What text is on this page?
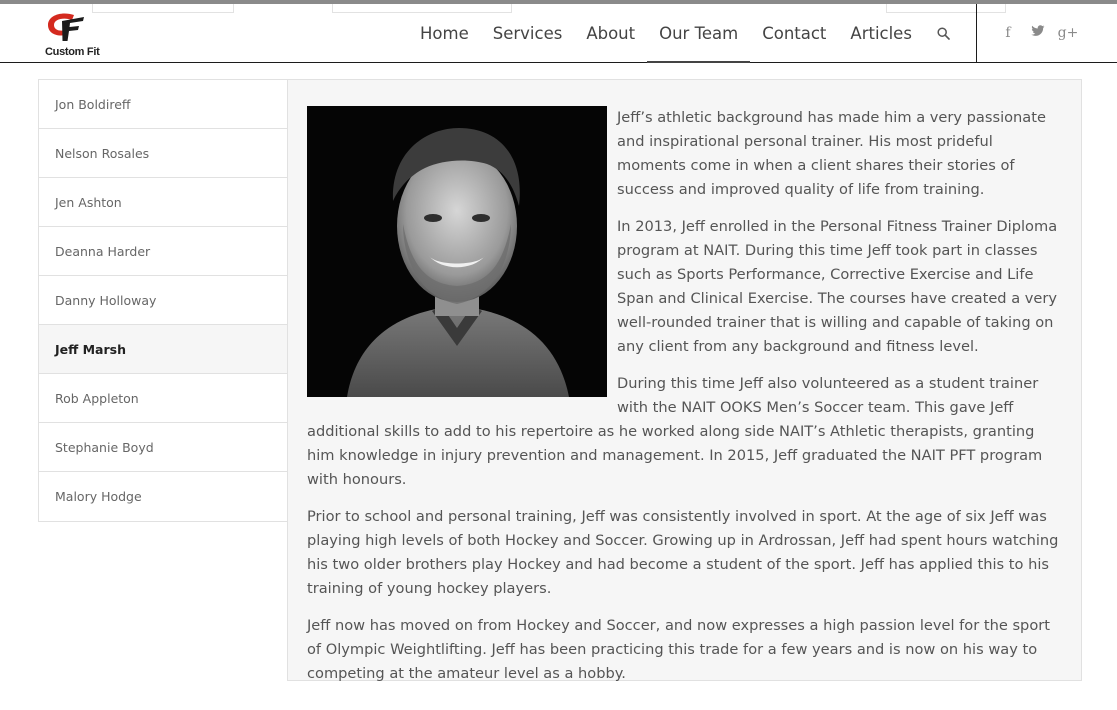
Custom Fit
Home	Services	About	Our Team	Contact	Articles	f	g+
Jon Boldireff
Nelson Rosales
Jen Ashton
Deanna Harder
Danny Holloway
Jeff Marsh
Rob Appleton
Stephanie Boyd
Malory Hodge

Jeff’s athletic background has made him a very passionate and inspirational personal trainer. His most prideful moments come in when a client shares their stories of success and improved quality of life from training.

In 2013, Jeff enrolled in the Personal Fitness Trainer Diploma program at NAIT. During this time Jeff took part in classes such as Sports Performance, Corrective Exercise and Life Span and Clinical Exercise. The courses have created a very well-rounded trainer that is willing and capable of taking on any client from any background and fitness level.

During this time Jeff also volunteered as a student trainer with the NAIT OOKS Men’s Soccer team. This gave Jeff additional skills to add to his repertoire as he worked along side NAIT’s Athletic therapists, granting him knowledge in injury prevention and management. In 2015, Jeff graduated the NAIT PFT program with honours.

Prior to school and personal training, Jeff was consistently involved in sport. At the age of six Jeff was playing high levels of both Hockey and Soccer. Growing up in Ardrossan, Jeff had spent hours watching his two older brothers play Hockey and had become a student of the sport. Jeff has applied this to his training of young hockey players.

Jeff now has moved on from Hockey and Soccer, and now expresses a high passion level for the sport of Olympic Weightlifting. Jeff has been practicing this trade for a few years and is now on his way to competing at the amateur level as a hobby.
